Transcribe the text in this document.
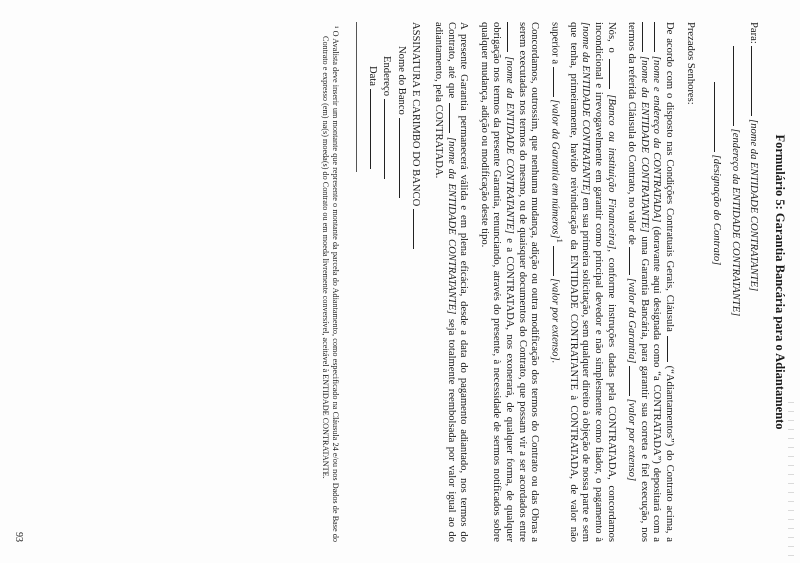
Formulário 5: Garantia Bancária para o Adiantamento
Para:  [nome da ENTIDADE CONTRATANTE]
[endereço da ENTIDADE CONTRATANTE]
[designação do Contrato]

Prezados Senhores:

De acordo com o disposto nas Condições Contratuais Gerais, Cláusula  (“Adiantamentos”) do Contrato acima, a  [nome e endereço da CONTRATADA] (doravante aqui designada como “a CONTRATADA”) depositará com a  [nome da ENTIDADE CONTRATANTE] uma Garantia Bancária, para garantir sua correta e fiel execução, nos termos da referida Cláusula do Contrato, no valor de  [valor da Garantia]  [valor por extenso]

Nós, o  [Banco ou instituição Financeira], conforme instruções dadas pela CONTRATADA, concordamos incondicional e irrevogavelmente em garantir como principal devedor e não simplesmente como fiador, o pagamento à [nome da ENTIDADE CONTRATANTE] em sua primeira solicitação, sem qualquer direito à objeção de nossa parte e sem que tenha, primeiramente, havido reivindicação da ENTIDADE CONTRATANTE à CONTRATADA, de valor não superior a  [valor da Garantia em números]$^1$  [valor por extenso].

Concordamos, outrossim, que nenhuma mudança, adição ou outra modificação dos termos do Contrato ou das Obras a serem executadas nos termos do mesmo, ou de quaisquer documentos do Contrato, que possam vir a ser acordados entre  [nome da ENTIDADE CONTRATANTE] e a CONTRATADA, nos exonerará, de qualquer forma, de qualquer obrigação nos termos da presente Garantia, renunciando, através do presente, à necessidade de sermos notificados sobre qualquer mudança, adição ou modificação deste tipo.

A presente Garantia permanecerá válida e em plena eficácia, desde a data do pagamento adiantado, nos termos do Contrato, até que  [nome da ENTIDADE CONTRATANTE] seja totalmente reembolsada por valor igual ao do adiantamento, pela CONTRATADA.

ASSINATURA E CARIMBO DO BANCO
Nome do Banco
Endereço
Data
¹ O Avalista deve inserir um montante que represente o montante da parcela do Adiantamento, como especificado na Cláusula 24 e/ou nos Dados de Base do Contrato e expresso (em) na(s) moeda(s) do Contrato ou em moeda livremente conversível, aceitável à ENTIDADE CONTRATANTE.
93
